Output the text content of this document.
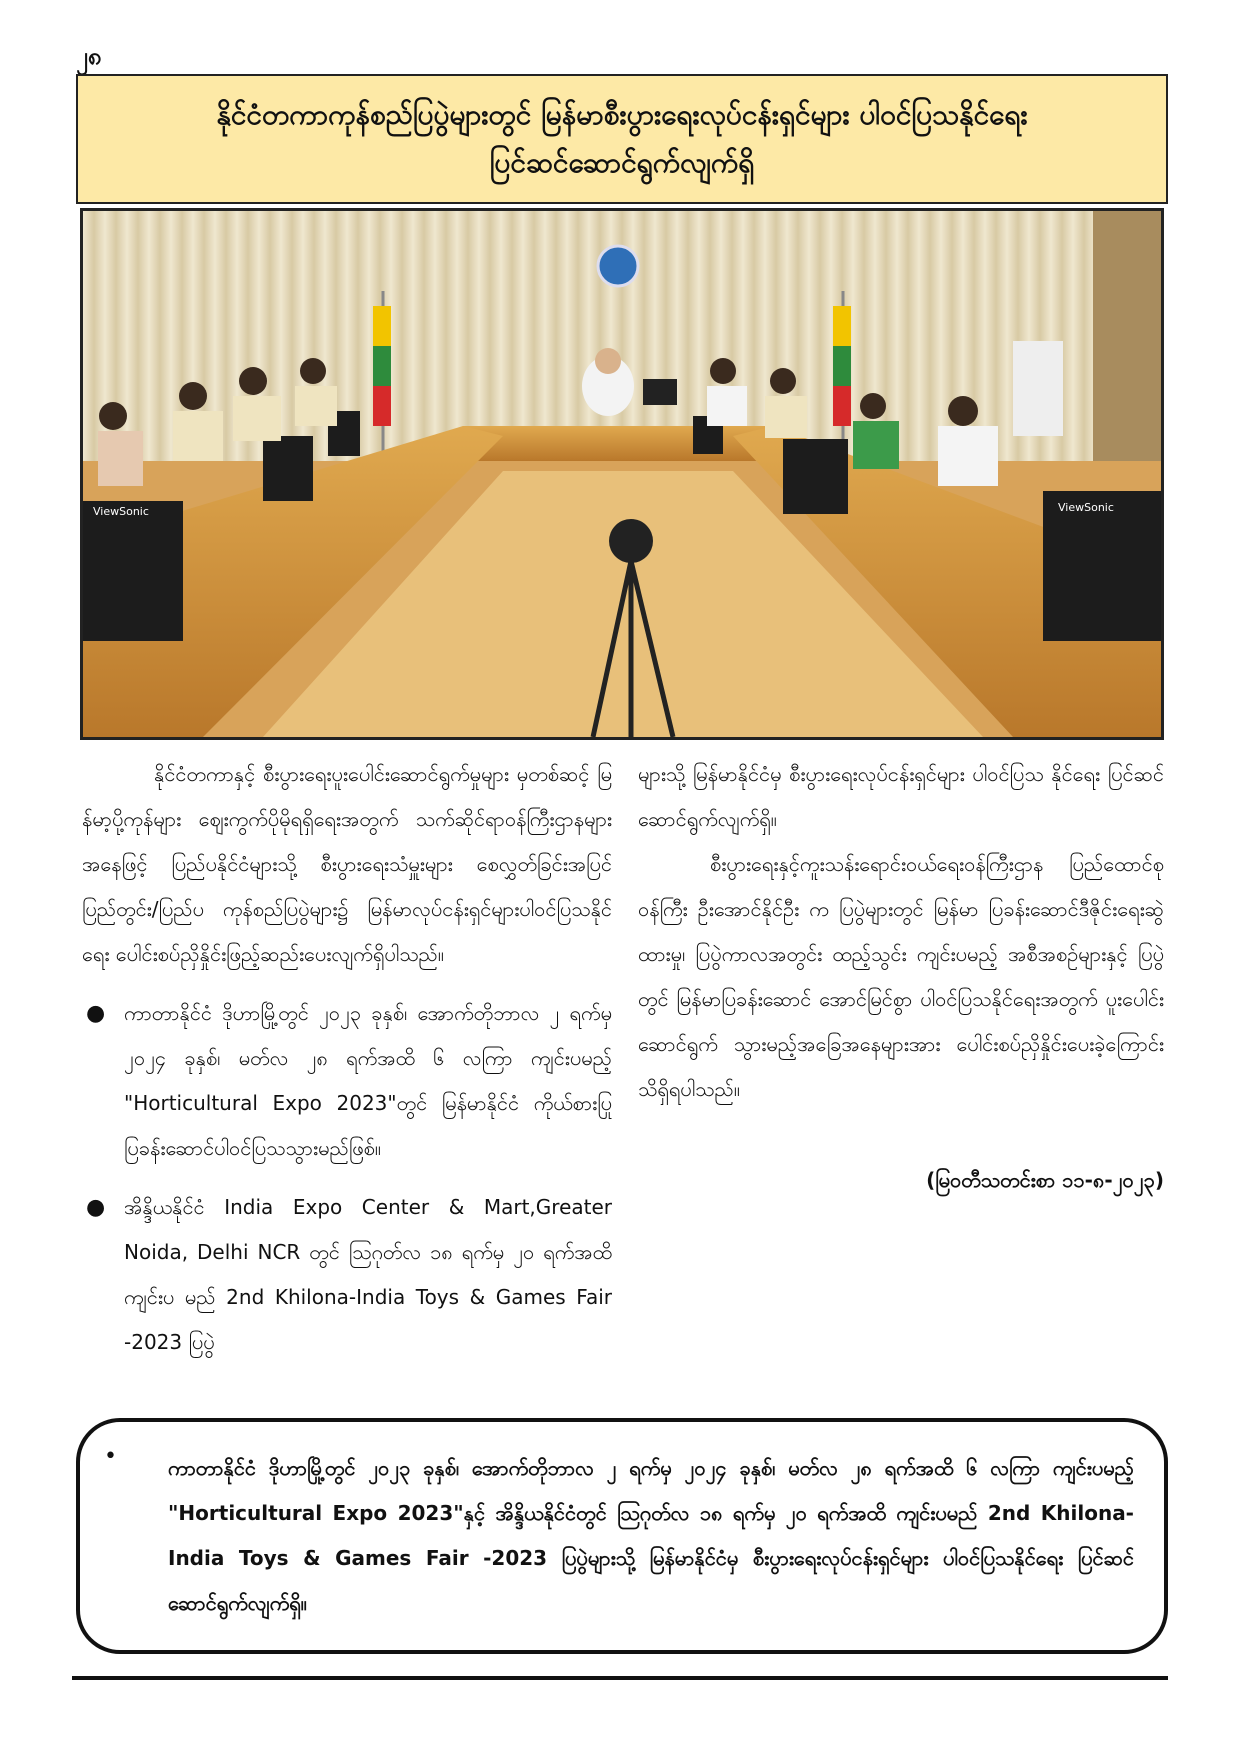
၂၈
နိုင်ငံတကာကုန်စည်ပြပွဲများတွင် မြန်မာစီးပွားရေးလုပ်ငန်းရှင်များ ပါဝင်ပြသနိုင်ရေး
ပြင်ဆင်ဆောင်ရွက်လျက်ရှိ
ViewSonic	ViewSonic

နိုင်ငံတကာနှင့် စီးပွားရေးပူးပေါင်းဆောင်ရွက်မှုများ မှတစ်ဆင့် မြန်မာ့ပို့ကုန်များ ဈေးကွက်ပိုမိုရရှိရေးအတွက် သက်ဆိုင်ရာဝန်ကြီးဌာနများအနေဖြင့် ပြည်ပနိုင်ငံများသို့ စီးပွားရေးသံမှူးများ စေလွှတ်ခြင်းအပြင် ပြည်တွင်း/ပြည်ပ ကုန်စည်ပြပွဲများ၌ မြန်မာလုပ်ငန်းရှင်များပါဝင်ပြသနိုင်ရေး ပေါင်းစပ်ညှိနှိုင်းဖြည့်ဆည်းပေးလျက်ရှိပါသည်။

● ကာတာနိုင်ငံ ဒိုဟာမြို့တွင် ၂၀၂၃ ခုနှစ်၊ အောက်တိုဘာလ ၂ ရက်မှ ၂၀၂၄ ခုနှစ်၊ မတ်လ ၂၈ ရက်အထိ ၆ လကြာ ကျင်းပမည့် "Horticultural Expo 2023"တွင် မြန်မာနိုင်ငံ ကိုယ်စားပြု ပြခန်းဆောင်ပါဝင်ပြသသွားမည်ဖြစ်။
● အိန္ဒိယနိုင်ငံ India Expo Center & Mart,Greater Noida, Delhi NCR တွင် ဩဂုတ်လ ၁၈ ရက်မှ ၂၀ ရက်အထိ ကျင်းပ မည် 2nd Khilona-India Toys & Games Fair -2023 ပြပွဲ

များသို့ မြန်မာနိုင်ငံမှ စီးပွားရေးလုပ်ငန်းရှင်များ ပါဝင်ပြသ နိုင်ရေး ပြင်ဆင်ဆောင်ရွက်လျက်ရှိ။

စီးပွားရေးနှင့်ကူးသန်းရောင်းဝယ်ရေးဝန်ကြီးဌာန ပြည်ထောင်စုဝန်ကြီး ဦးအောင်နိုင်ဦး က ပြပွဲများတွင် မြန်မာ ပြခန်းဆောင်ဒီဇိုင်းရေးဆွဲထားမှု၊ ပြပွဲကာလအတွင်း ထည့်သွင်း ကျင်းပမည့် အစီအစဉ်များနှင့် ပြပွဲတွင် မြန်မာပြခန်းဆောင် အောင်မြင်စွာ ပါဝင်ပြသနိုင်ရေးအတွက် ပူးပေါင်းဆောင်ရွက် သွားမည့်အခြေအနေများအား ပေါင်းစပ်ညှိနှိုင်းပေးခဲ့ကြောင်း သိရှိရပါသည်။

(မြဝတီသတင်းစာ ၁၁-၈-၂၀၂၃)
•	ကာတာနိုင်ငံ ဒိုဟာမြို့တွင် ၂၀၂၃ ခုနှစ်၊ အောက်တိုဘာလ ၂ ရက်မှ ၂၀၂၄ ခုနှစ်၊ မတ်လ ၂၈ ရက်အထိ ၆ လကြာ ကျင်းပမည့် "Horticultural Expo 2023"နှင့် အိန္ဒိယနိုင်ငံတွင် ဩဂုတ်လ ၁၈ ရက်မှ ၂၀ ရက်အထိ ကျင်းပမည် 2nd Khilona-India Toys & Games Fair -2023 ပြပွဲများသို့ မြန်မာနိုင်ငံမှ စီးပွားရေးလုပ်ငန်းရှင်များ ပါဝင်ပြသနိုင်ရေး ပြင်ဆင်ဆောင်ရွက်လျက်ရှိ။
